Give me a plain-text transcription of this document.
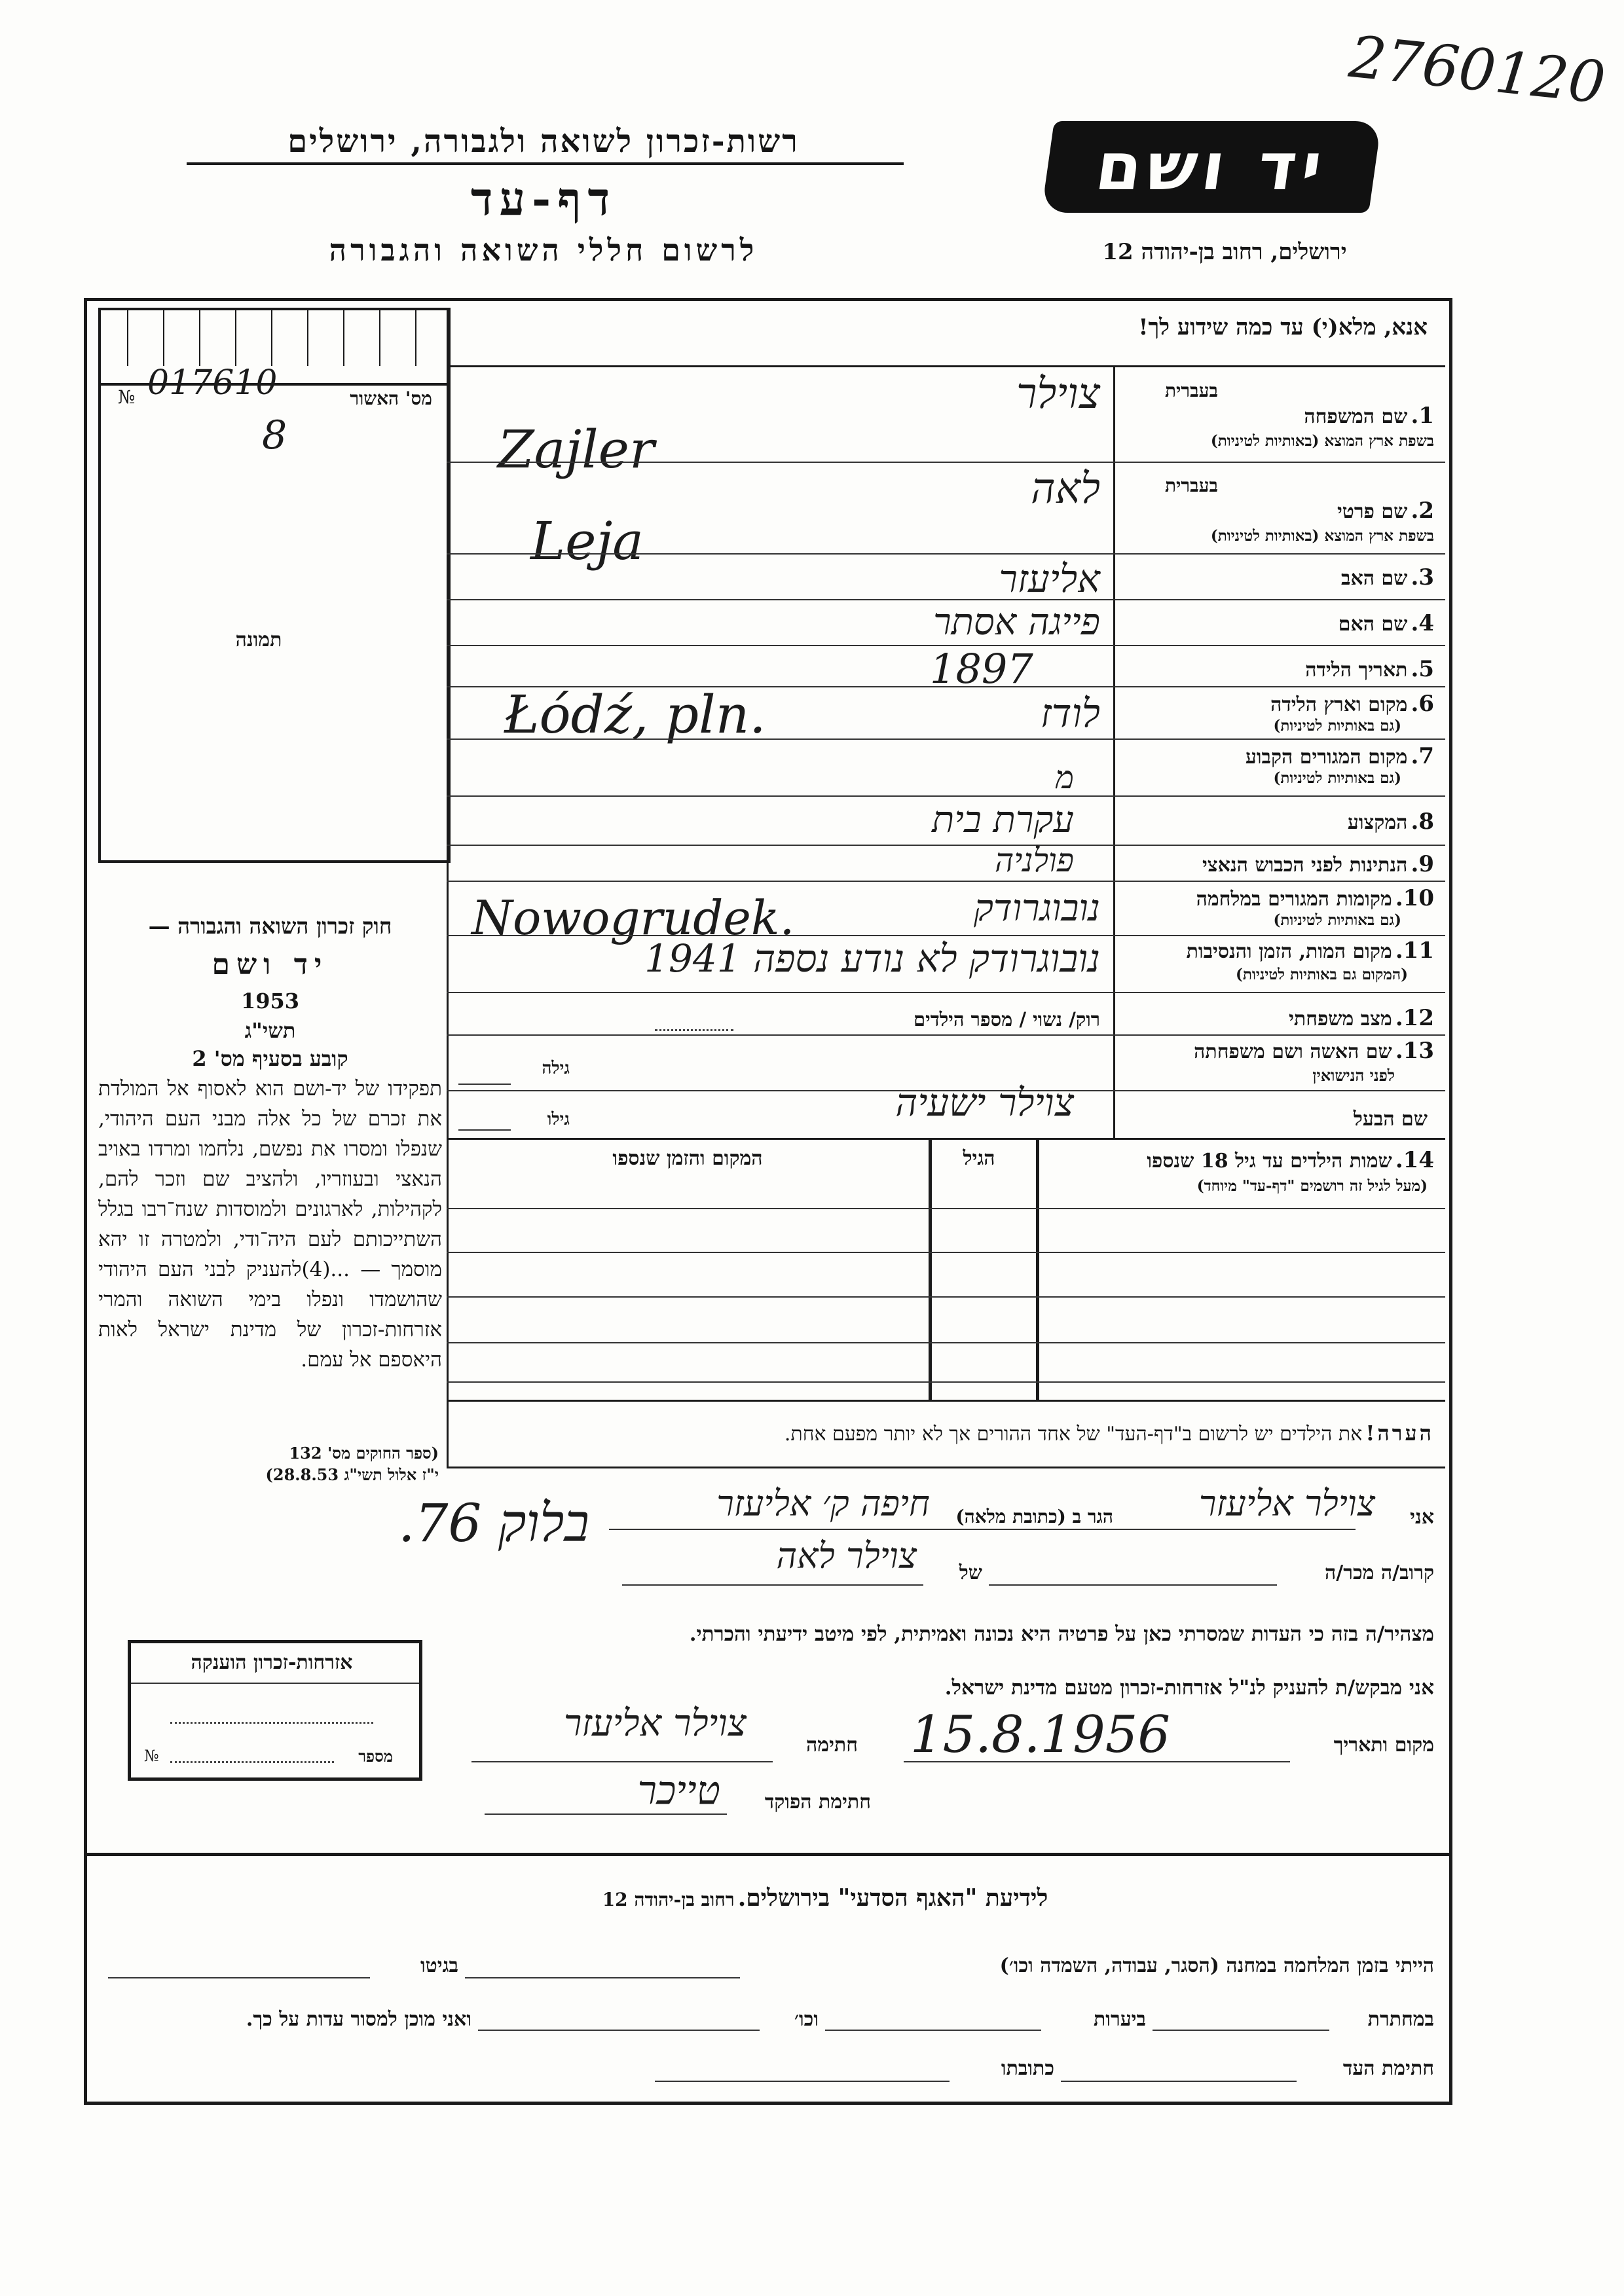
2760120
יד ושם
ירושלים, רחוב בן-יהודה 12
רשות-זכרון לשואה ולגבורה, ירושלים
דף-עד
לרשום חללי השואה והגבורה
אנא, מלא(י) עד כמה שידוע לך!
№ 017610
8
מס' האשור
תמונה
חוק זכרון השואה והגבורה —
יד ושם
1953
תשי"ג
קובע בסעיף מס' 2
תפקידו של יד-ושם הוא לאסוף אל המולדת את זכרם של כל אלה מבני העם היהודי, שנפלו ומסרו את נפשם, נלחמו ומרדו באויב הנאצי ובעוזריו, ולהציב שם וזכר להם, לקהילות, לארגונים ולמוסדות שנח־רבו בגלל השתייכותם לעם היה־ודי, ולמטרה זו יהא מוסמך — ...(4)להעניק לבני העם היהודי שהושמדו ונפלו בימי השואה והמרי אזרחות-זכרון של מדינת ישראל לאות היאספם אל עמם.
(ספר החוקים מס' 132
י"ז אלול תשי"ג 28.8.53)
בעברית
1. שם המשפחה
בשפת ארץ המוצא (באותיות לטיניות)
צוילר
Zajler
בעברית
2. שם פרטי
בשפת ארץ המוצא (באותיות לטיניות)
לאה
Leja
3. שם האב
אליעזר
4. שם האם
פייגה אסתר
5. תאריך הלידה
1897
6. מקום וארץ הלידה
(גם באותיות לטיניות)
לודז
Łódź, pln.
7. מקום המגורים הקבוע
(גם באותיות לטיניות)
מ
8. המקצוע
עקרת בית
9. הנתינות לפני הכבוש הנאצי
פולניה
10. מקומות המגורים במלחמה
(גם באותיות לטיניות)
Nowogrudek.	נובוגרודק
11. מקום המות, הזמן והנסיבות
(המקום גם באותיות לטיניות)
נובוגרודק לא נודע נספה 1941
12. מצב משפחתי
רוק/ נשוי / מספר הילדים
13. שם האשה ושם משפחתה
לפני הנישואין
גילה
שם הבעל
צוילר ישעיה
גילו
14. שמות הילדים עד גיל 18 שנספו
(מעל לגיל זה רושמים "דף-עד" מיוחד)
הגיל
המקום והזמן שנספו
הערה! את הילדים יש לרשום ב"דף-העד" של אחד ההורים אך לא יותר מפעם אחת.
אני
צוילר אליעזר
הגר ב (כתובת מלאה)
חיפה ק׳ אליעזר
בלוק 76.
קרוב/ה מכר/ה
של
צוילר לאה
מצהיר/ה בזה כי העדות שמסרתי כאן על פרטיה היא נכונה ואמיתית, לפי מיטב ידיעתי והכרתי.
אני מבקש/ת להעניק לנ"ל אזרחות-זכרון מטעם מדינת ישראל.
מקום ותאריך
15.8.1956
חתימה
צוילר אליעזר
חתימת הפוקד
טייכר
אזרחות-זכרון הוענקה
№	מספר
לידיעת "האגף הסדעי" בירושלים. רחוב בן-יהודה 12
הייתי בזמן המלחמה במחנה (הסגר, עבודה, השמדה וכו׳)
בגיטו
במחתרת
ביערות
וכו׳
ואני מוכן למסור עדות על כך.
חתימת העד
כתובתו
